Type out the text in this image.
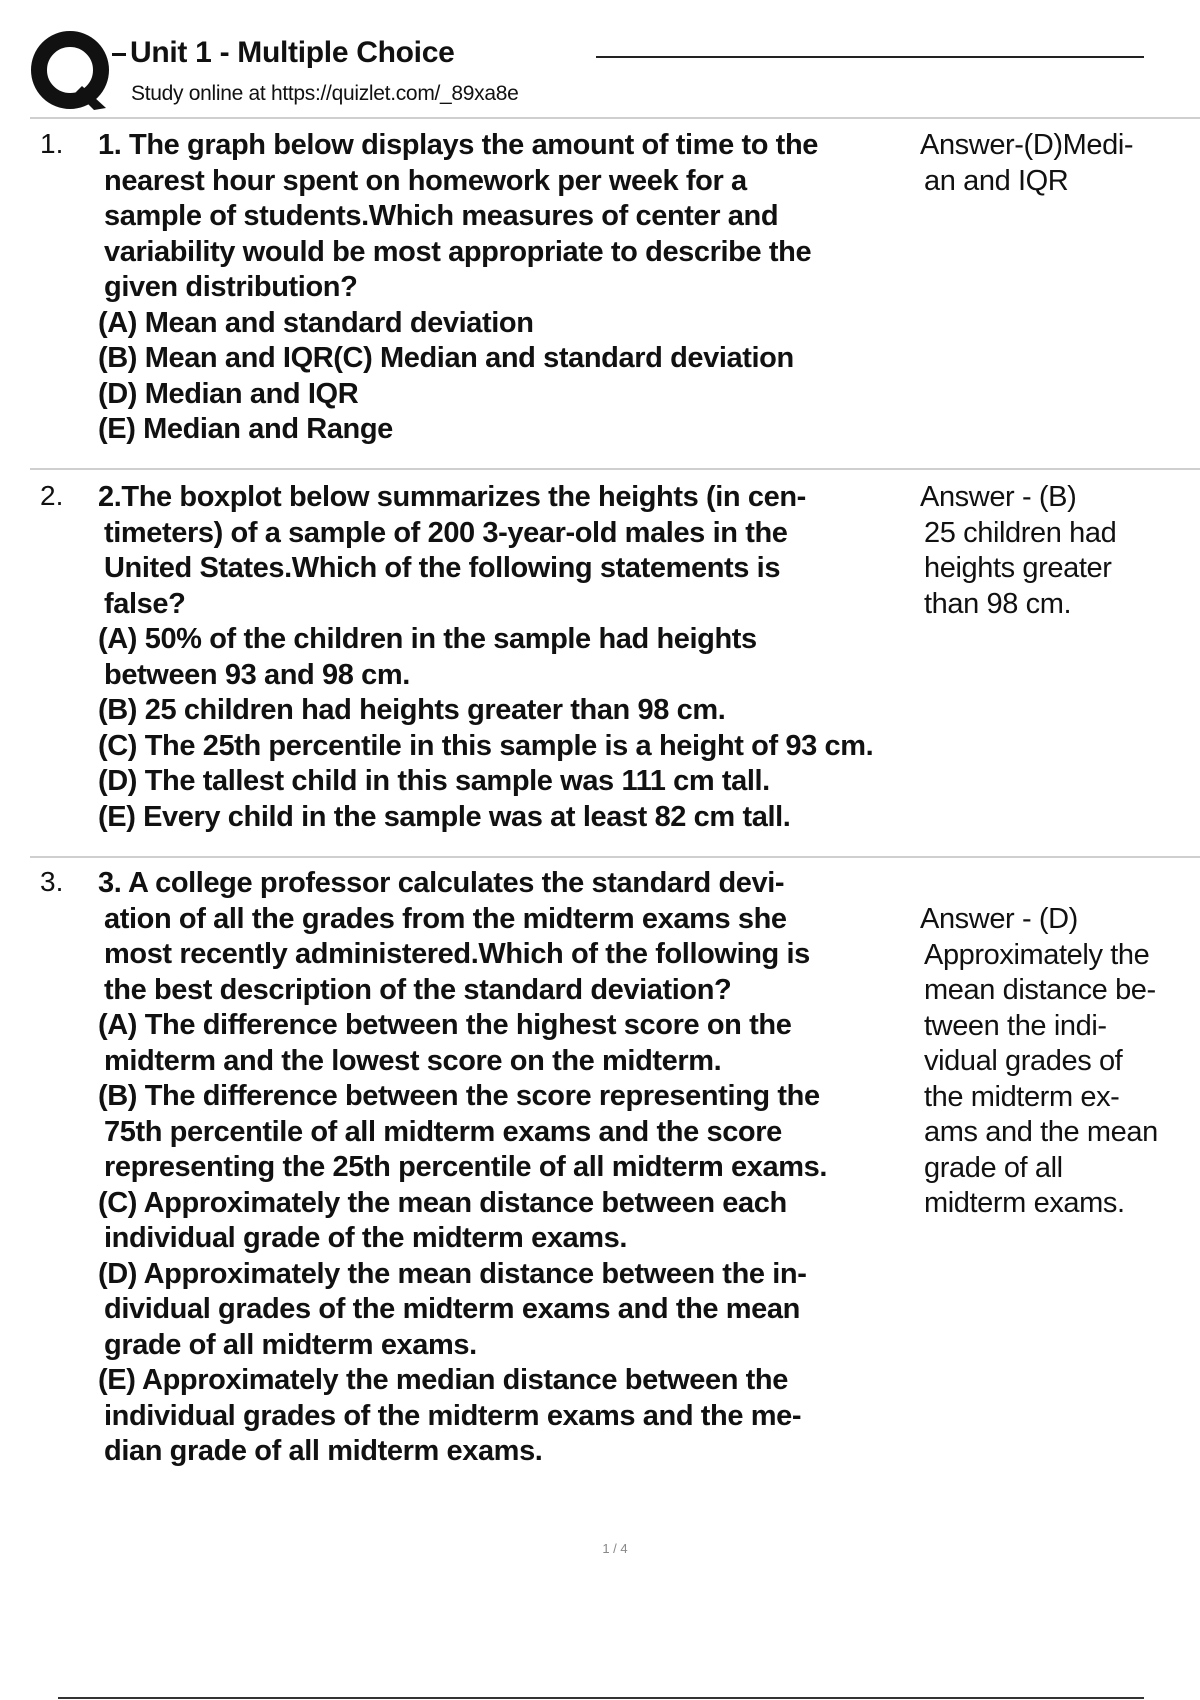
Unit 1 - Multiple Choice
Study online at https://quizlet.com/_89xa8e
1. 1. The graph below displays the amount of time to the
nearest hour spent on homework per week for a
sample of students.Which measures of center and
variability would be most appropriate to describe the
given distribution?
(A) Mean and standard deviation
(B) Mean and IQR(C) Median and standard deviation
(D) Median and IQR
(E) Median and Range
Answer-(D)Medi-
an and IQR
2. 2.The boxplot below summarizes the heights (in cen-
timeters) of a sample of 200 3-year-old males in the
United States.Which of the following statements is
false?
(A) 50% of the children in the sample had heights
between 93 and 98 cm.
(B) 25 children had heights greater than 98 cm.
(C) The 25th percentile in this sample is a height of 93 cm.
(D) The tallest child in this sample was 111 cm tall.
(E) Every child in the sample was at least 82 cm tall.
Answer - (B)
25 children had
heights greater
than 98 cm.
3. 3. A college professor calculates the standard devi-
ation of all the grades from the midterm exams she
most recently administered.Which of the following is
the best description of the standard deviation?
(A) The difference between the highest score on the
midterm and the lowest score on the midterm.
(B) The difference between the score representing the
75th percentile of all midterm exams and the score
representing the 25th percentile of all midterm exams.
(C) Approximately the mean distance between each
individual grade of the midterm exams.
(D) Approximately the mean distance between the in-
dividual grades of the midterm exams and the mean
grade of all midterm exams.
(E) Approximately the median distance between the
individual grades of the midterm exams and the me-
dian grade of all midterm exams.
Answer - (D)
Approximately the
mean distance be-
tween the indi-
vidual grades of
the midterm ex-
ams and the mean
grade of all
midterm exams.
1 / 4
